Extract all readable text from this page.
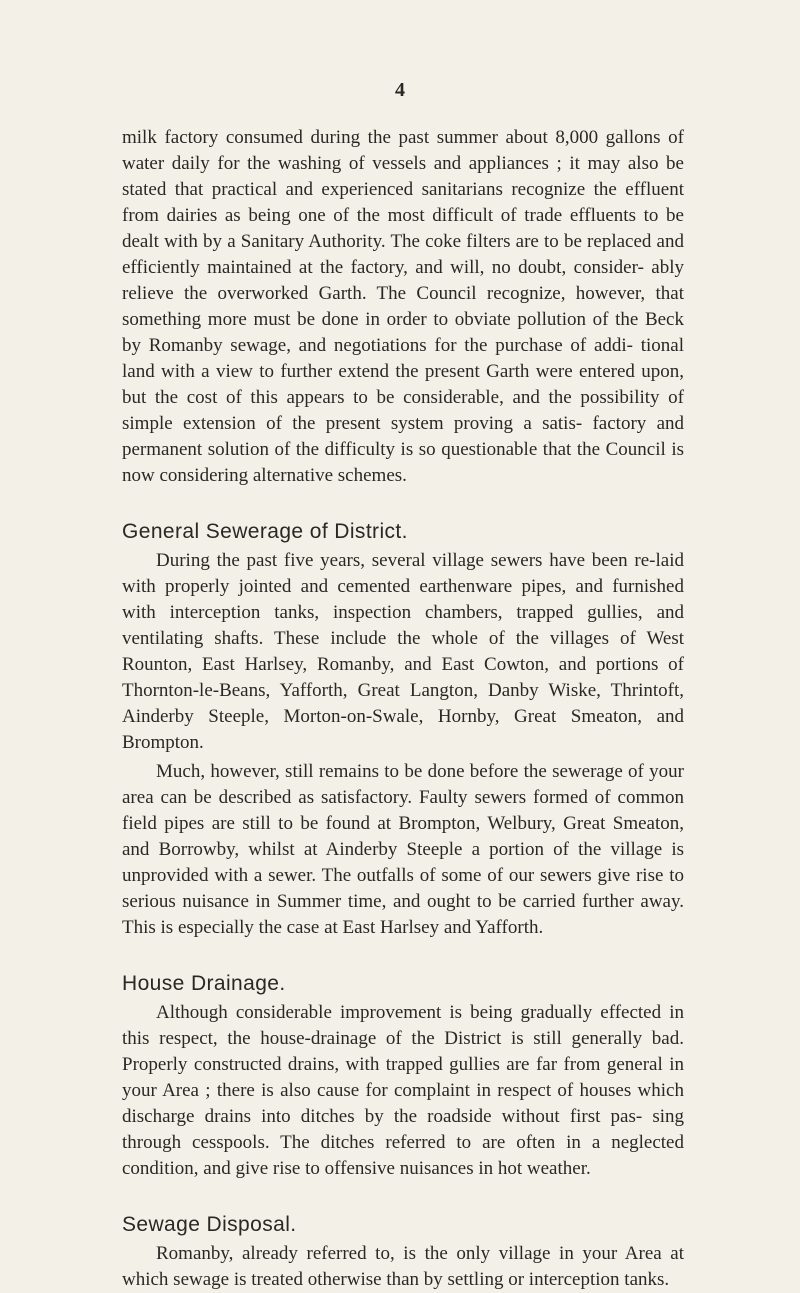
4

milk factory consumed during the past summer about 8,000 gallons of water daily for the washing of vessels and appliances ; it may also be stated that practical and experienced sanitarians recognize the effluent from dairies as being one of the most difficult of trade effluents to be dealt with by a Sanitary Authority. The coke filters are to be replaced and efficiently maintained at the factory, and will, no doubt, consider- ably relieve the overworked Garth. The Council recognize, however, that something more must be done in order to obviate pollution of the Beck by Romanby sewage, and negotiations for the purchase of addi- tional land with a view to further extend the present Garth were entered upon, but the cost of this appears to be considerable, and the possibility of simple extension of the present system proving a satis- factory and permanent solution of the difficulty is so questionable that the Council is now considering alternative schemes.

General Sewerage of District.

During the past five years, several village sewers have been re-laid with properly jointed and cemented earthenware pipes, and furnished with interception tanks, inspection chambers, trapped gullies, and ventilating shafts. These include the whole of the villages of West Rounton, East Harlsey, Romanby, and East Cowton, and portions of Thornton-le-Beans, Yafforth, Great Langton, Danby Wiske, Thrintoft, Ainderby Steeple, Morton-on-Swale, Hornby, Great Smeaton, and Brompton.

Much, however, still remains to be done before the sewerage of your area can be described as satisfactory. Faulty sewers formed of common field pipes are still to be found at Brompton, Welbury, Great Smeaton, and Borrowby, whilst at Ainderby Steeple a portion of the village is unprovided with a sewer. The outfalls of some of our sewers give rise to serious nuisance in Summer time, and ought to be carried further away. This is especially the case at East Harlsey and Yafforth.

House Drainage.

Although considerable improvement is being gradually effected in this respect, the house-drainage of the District is still generally bad. Properly constructed drains, with trapped gullies are far from general in your Area ; there is also cause for complaint in respect of houses which discharge drains into ditches by the roadside without first pas- sing through cesspools. The ditches referred to are often in a neglected condition, and give rise to offensive nuisances in hot weather.

Sewage Disposal.

Romanby, already referred to, is the only village in your Area at which sewage is treated otherwise than by settling or interception tanks.
